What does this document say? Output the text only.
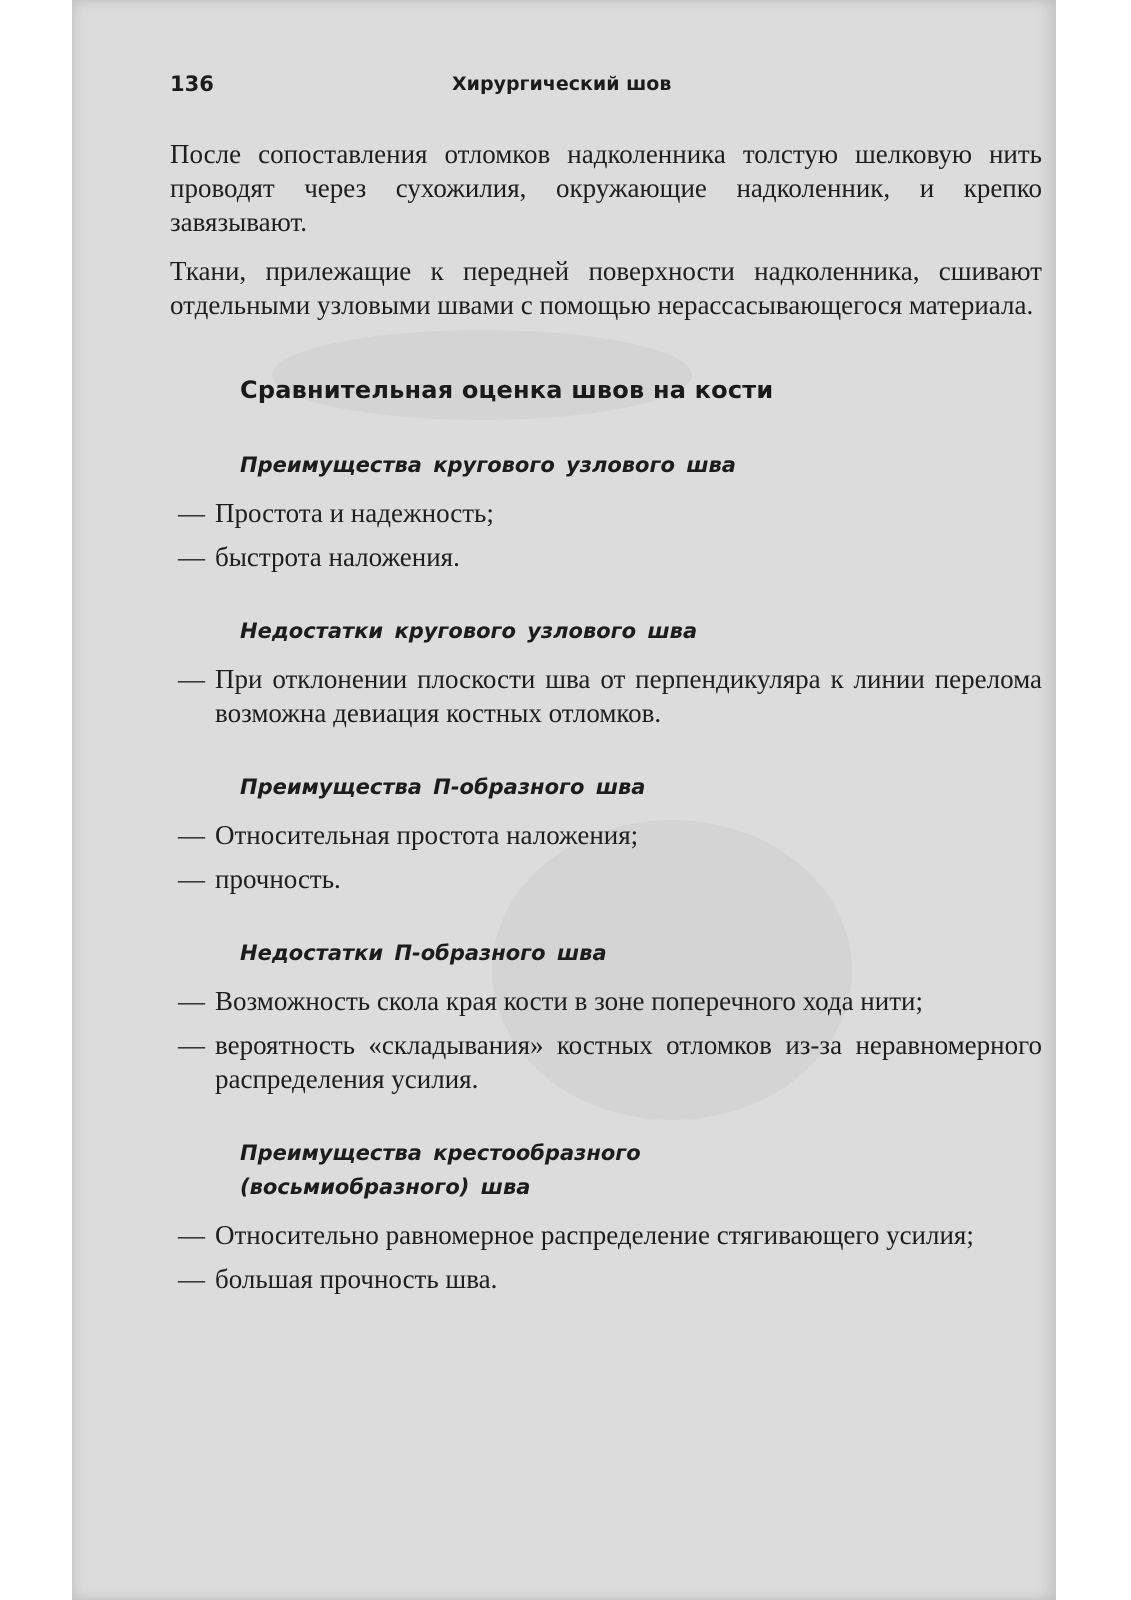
136	Хирургический шов

После сопоставления отломков надколенника толстую шелковую нить проводят через сухожилия, окружающие надколенник, и крепко завязывают.

Ткани, прилежащие к передней поверхности надколенника, сшивают отдельными узловыми швами с помощью нерассасывающегося материала.

Сравнительная оценка швов на кости
Преимущества кругового узлового шва
— Простота и надежность;
— быстрота наложения.
Недостатки кругового узлового шва
— При отклонении плоскости шва от перпендикуляра к линии перелома возможна девиация костных отломков.
Преимущества П-образного шва
— Относительная простота наложения;
— прочность.
Недостатки П-образного шва
— Возможность скола края кости в зоне поперечного хода нити;
— вероятность «складывания» костных отломков из-за неравномерного распределения усилия.
Преимущества крестообразного (восьмиобразного) шва
— Относительно равномерное распределение стягивающего усилия;
— большая прочность шва.
